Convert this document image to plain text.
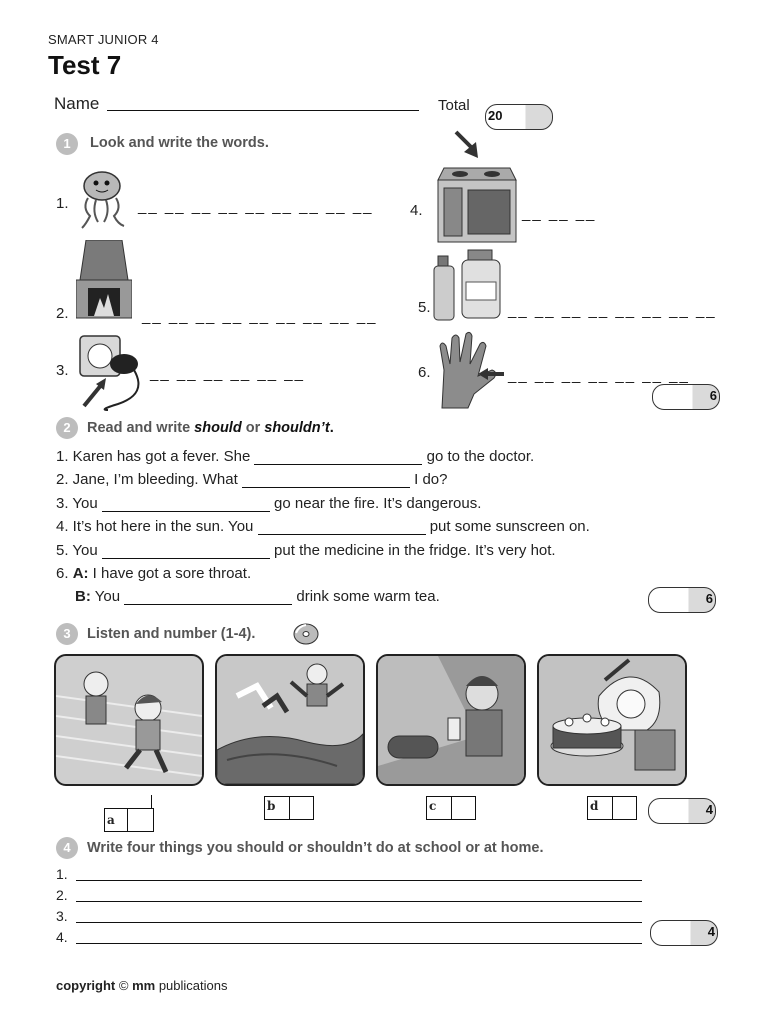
SMART JUNIOR 4
Test 7
Name	Total
20
1	Look and write the words.
1.	__ __ __ __ __ __ __ __ __
2.	__ __ __ __ __ __ __ __ __
3.	__ __ __ __ __ __
4.	__ __ __
5.	__ __ __ __ __ __ __ __
6.	__ __ __ __ __ __ __
6
2	Read and write should or shouldn’t.
1. Karen has got a fever. She	go to the doctor.
2. Jane, I’m bleeding. What	I do?
3. You	go near the fire. It’s dangerous.
4. It’s hot here in the sun. You	put some sunscreen on.
5. You	put the medicine in the fridge. It’s very hot.
6. A: I have got a sore throat.
B: You	drink some warm tea.	6
3	Listen and number (1-4).
a
b	c	d	4
4	Write four things you should or shouldn’t do at school or at home.
1.
2.
3.
4.	4
copyright © mm publications
